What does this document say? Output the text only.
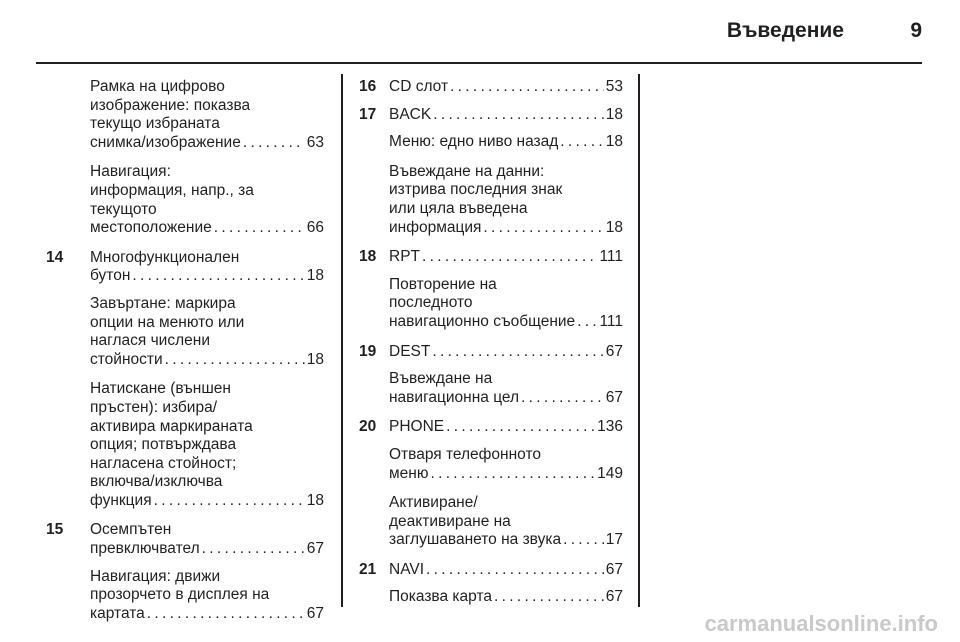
Въведение	9
Рамка на цифрово
изображение: показва
текущо избраната
снимка/изображение . . .	63
Навигация:
информация, напр., за
текущото
местоположение . . .	66
14 Многофункционален
бутон . . .	18
Завъртане: маркира
опции на менюто или
наглася числени
стойности . . .	18
Натискане (външен
пръстен): избира/
активира маркираната
опция; потвърждава
нагласена стойност;
включва/изключва
функция . . .	18
15 Осемпътен
превключвател . . .	67
Навигация: движи
прозорчето в дисплея на
картата . . .	67
16 CD слот . . .	53
17 BACK . . .	18
Меню: едно ниво назад . . .	18
Въвеждане на данни:
изтрива последния знак
или цяла въведена
информация . . .	18
18 RPT . . .	111
Повторение на
последното
навигационно съобщение . . . 111
19 DEST . . .	67
Въвеждане на
навигационна цел . . .	67
20 PHONE . . .	136
Отваря телефонното
меню . . .	149
Активиране/
деактивиране на
заглушаването на звука . . .	17
21 NAVI . . .	67
Показва карта . . .	67
carmanualsonline.info
